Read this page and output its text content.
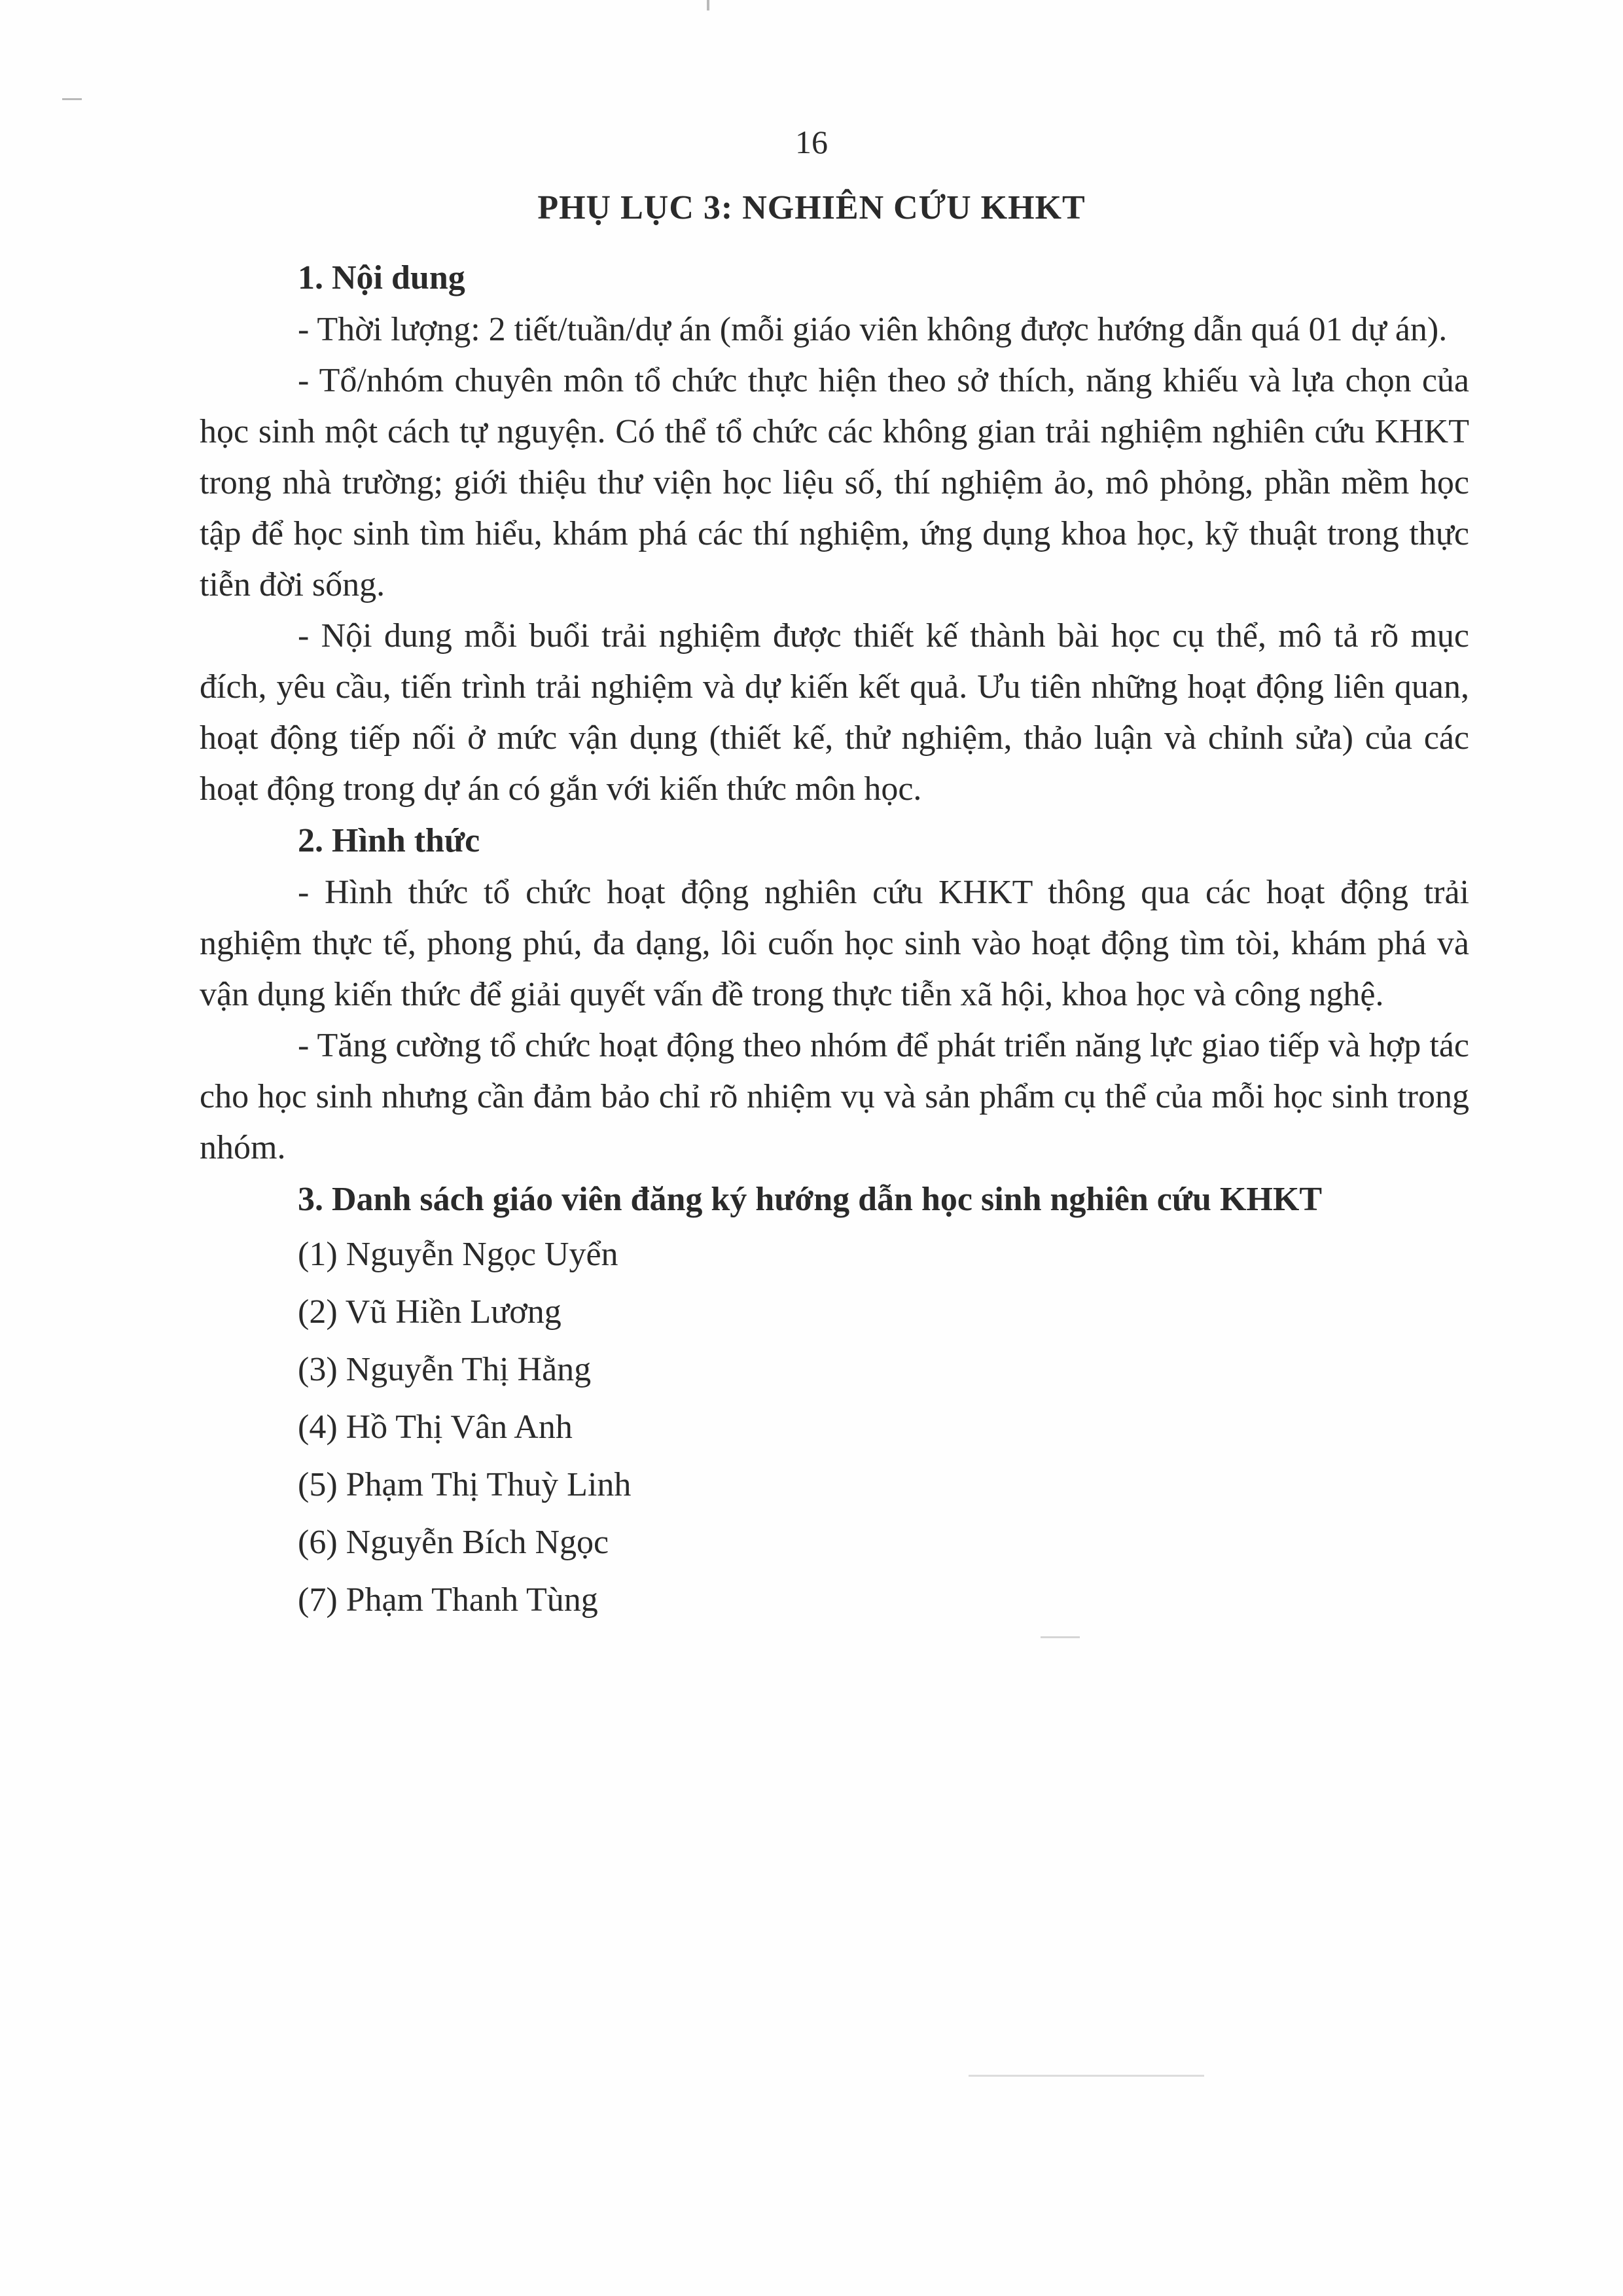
16
PHỤ LỤC 3: NGHIÊN CỨU KHKT

1. Nội dung

- Thời lượng: 2 tiết/tuần/dự án (mỗi giáo viên không được hướng dẫn quá 01 dự án).

- Tổ/nhóm chuyên môn tổ chức thực hiện theo sở thích, năng khiếu và lựa chọn của học sinh một cách tự nguyện. Có thể tổ chức các không gian trải nghiệm nghiên cứu KHKT trong nhà trường; giới thiệu thư viện học liệu số, thí nghiệm ảo, mô phỏng, phần mềm học tập để học sinh tìm hiểu, khám phá các thí nghiệm, ứng dụng khoa học, kỹ thuật trong thực tiễn đời sống.

- Nội dung mỗi buổi trải nghiệm được thiết kế thành bài học cụ thể, mô tả rõ mục đích, yêu cầu, tiến trình trải nghiệm và dự kiến kết quả. Ưu tiên những hoạt động liên quan, hoạt động tiếp nối ở mức vận dụng (thiết kế, thử nghiệm, thảo luận và chỉnh sửa) của các hoạt động trong dự án có gắn với kiến thức môn học.

2. Hình thức

- Hình thức tổ chức hoạt động nghiên cứu KHKT thông qua các hoạt động trải nghiệm thực tế, phong phú, đa dạng, lôi cuốn học sinh vào hoạt động tìm tòi, khám phá và vận dụng kiến thức để giải quyết vấn đề trong thực tiễn xã hội, khoa học và công nghệ.

- Tăng cường tổ chức hoạt động theo nhóm để phát triển năng lực giao tiếp và hợp tác cho học sinh nhưng cần đảm bảo chỉ rõ nhiệm vụ và sản phẩm cụ thể của mỗi học sinh trong nhóm.

3. Danh sách giáo viên đăng ký hướng dẫn học sinh nghiên cứu KHKT

(1) Nguyễn Ngọc Uyển
(2) Vũ Hiền Lương
(3) Nguyễn Thị Hằng
(4) Hồ Thị Vân Anh
(5) Phạm Thị Thuỳ Linh
(6) Nguyễn Bích Ngọc
(7) Phạm Thanh Tùng
